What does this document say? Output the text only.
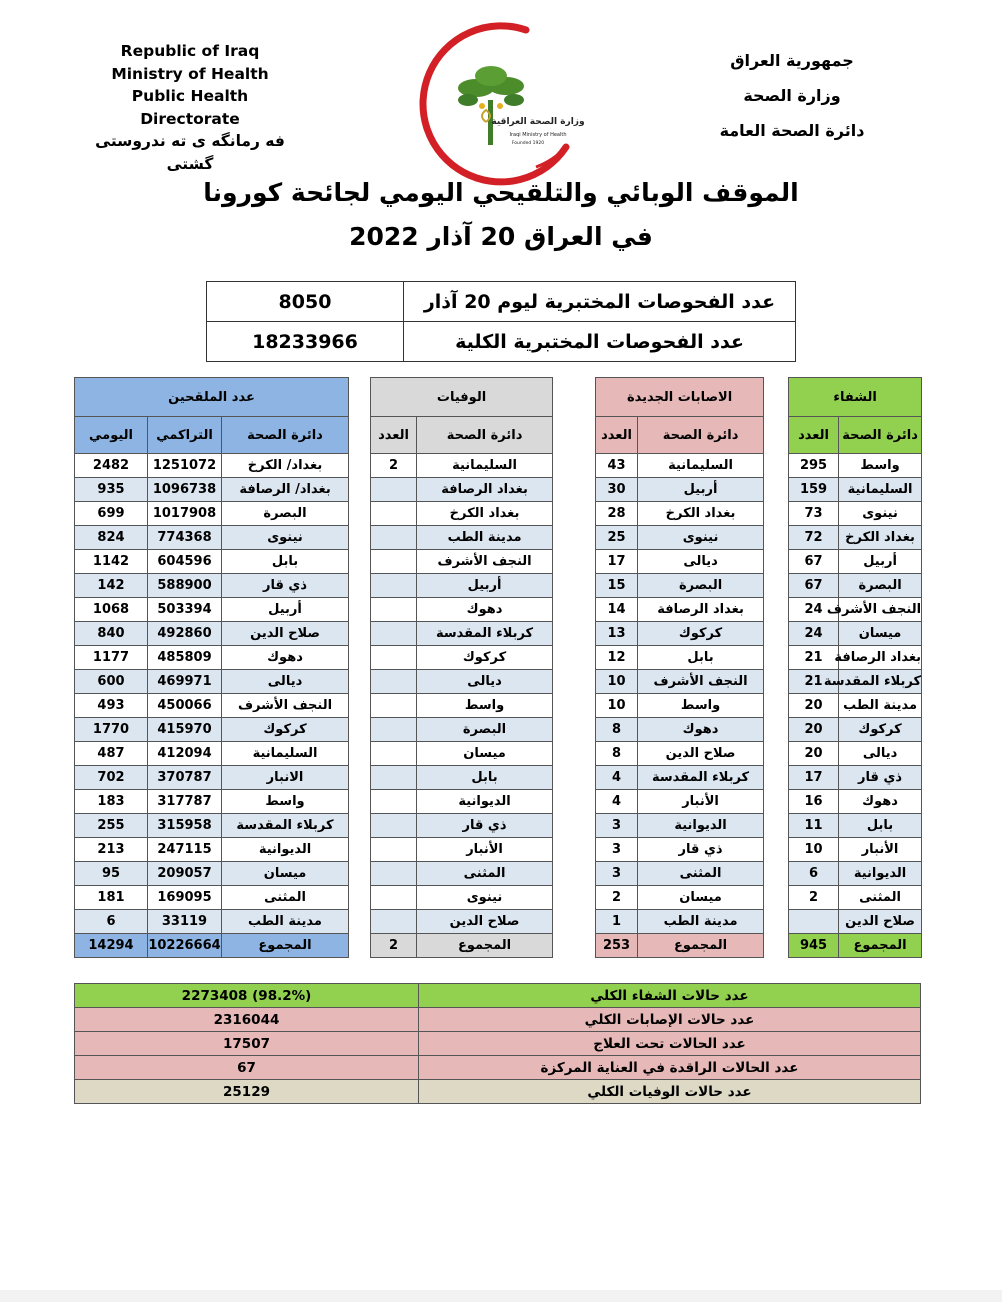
Republic of Iraq
Ministry of Health
Public Health Directorate
فه رمانگه ی ته ندروستی گشتی
جمهورية العراق
وزارة الصحة
دائرة الصحة العامة
وزارة الصحة العراقية
Iraqi Ministry of Health
Founded 1920
الموقف الوبائي والتلقيحي اليومي لجائحة كورونا
في العراق 20 آذار 2022
8050	عدد الفحوصات المختبرية ليوم 20 آذار
18233966	عدد الفحوصات المختبرية الكلية
عدد الملقحين				الوفيات			الاصابات الجديدة			الشفاء	
اليومي	التراكمي	دائرة الصحة		العدد	دائرة الصحة		العدد	دائرة الصحة		العدد	دائرة الصحة
2482	1251072	بغداد/ الكرخ		2	السليمانية		43	السليمانية		295	واسط
935	1096738	بغداد/ الرصافة			بغداد الرصافة		30	أربيل		159	السليمانية
699	1017908	البصرة			بغداد الكرخ		28	بغداد الكرخ		73	نينوى
824	774368	نينوى			مدينة الطب		25	نينوى		72	بغداد الكرخ
1142	604596	بابل			النجف الأشرف		17	ديالى		67	أربيل
142	588900	ذي قار			أربيل		15	البصرة		67	البصرة
1068	503394	أربيل			دهوك		14	بغداد الرصافة		24	النجف الأشرف
840	492860	صلاح الدين			كربلاء المقدسة		13	كركوك		24	ميسان
1177	485809	دهوك			كركوك		12	بابل		21	بغداد الرصافة
600	469971	ديالى			ديالى		10	النجف الأشرف		21	كربلاء المقدسة
493	450066	النجف الأشرف			واسط		10	واسط		20	مدينة الطب
1770	415970	كركوك			البصرة		8	دهوك		20	كركوك
487	412094	السليمانية			ميسان		8	صلاح الدين		20	ديالى
702	370787	الانبار			بابل		4	كربلاء المقدسة		17	ذي قار
183	317787	واسط			الديوانية		4	الأنبار		16	دهوك
255	315958	كربلاء المقدسة			ذي قار		3	الديوانية		11	بابل
213	247115	الديوانية			الأنبار		3	ذي قار		10	الأنبار
95	209057	ميسان			المثنى		3	المثنى		6	الديوانية
181	169095	المثنى			نينوى		2	ميسان		2	المثنى
6	33119	مدينة الطب			صلاح الدين		1	مدينة الطب			صلاح الدين
14294	10226664	المجموع		2	المجموع		253	المجموع		945	المجموع
2273408 (98.2%)	عدد حالات الشفاء الكلي
2316044	عدد حالات الإصابات الكلي
17507	عدد الحالات تحت العلاج
67	عدد الحالات الراقدة في العناية المركزة
25129	عدد حالات الوفيات الكلي
